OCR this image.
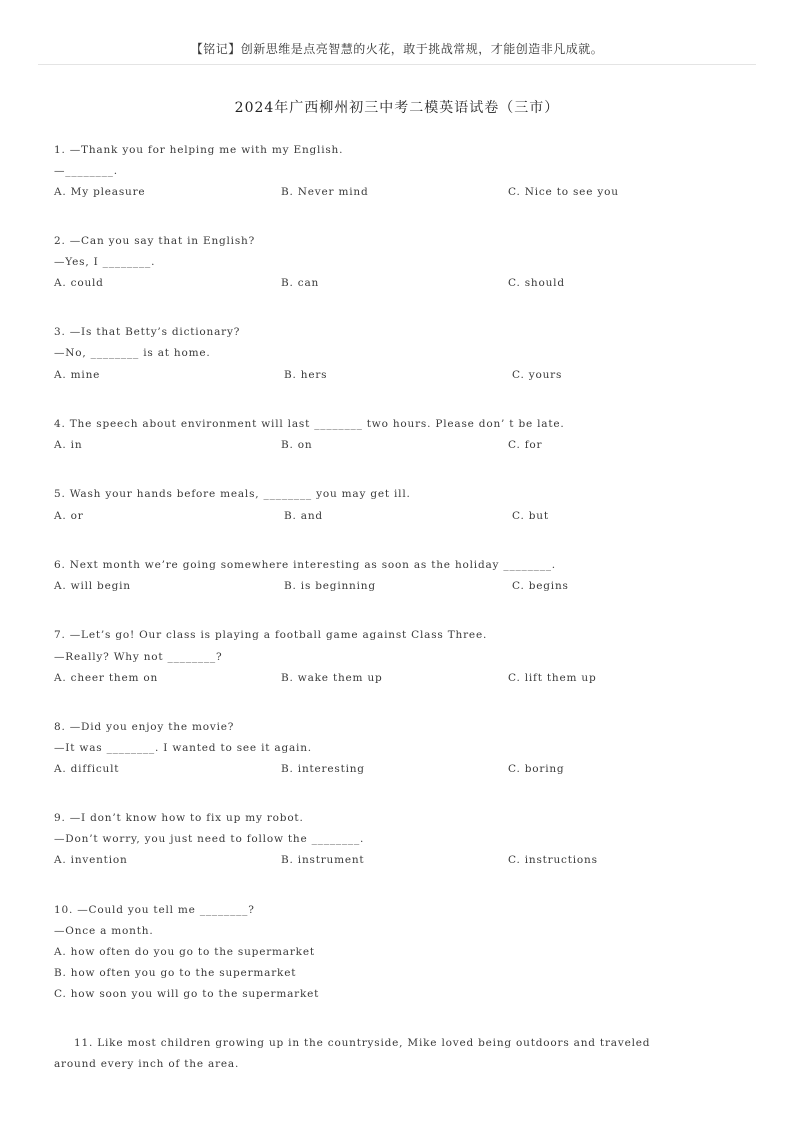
【铭记】创新思维是点亮智慧的火花，敢于挑战常规，才能创造非凡成就。
2024年广西柳州初三中考二模英语试卷（三市）
1. —Thank you for helping me with my English.
—________.
A. My pleasure	B. Never mind	C. Nice to see you
2. —Can you say that in English?
—Yes, I ________.
A. could	B. can	C. should
3. —Is that Betty’s dictionary?
—No, ________ is at home.
A. mine	B. hers	C. yours
4. The speech about environment will last ________ two hours. Please don’ t be late.
A. in	B. on	C. for
5. Wash your hands before meals, ________ you may get ill.
A. or	B. and	C. but
6. Next month we’re going somewhere interesting as soon as the holiday ________.
A. will begin	B. is beginning	C. begins
7. —Let’s go! Our class is playing a football game against Class Three.
—Really? Why not ________?
A. cheer them on	B. wake them up	C. lift them up
8. —Did you enjoy the movie?
—It was ________. I wanted to see it again.
A. difficult	B. interesting	C. boring
9. —I don’t know how to fix up my robot.
—Don’t worry, you just need to follow the ________.
A. invention	B. instrument	C. instructions
10. —Could you tell me ________?
—Once a month.
A. how often do you go to the supermarket
B. how often you go to the supermarket
C. how soon you will go to the supermarket
11. Like most children growing up in the countryside, Mike loved being outdoors and traveled
around every inch of the area.
